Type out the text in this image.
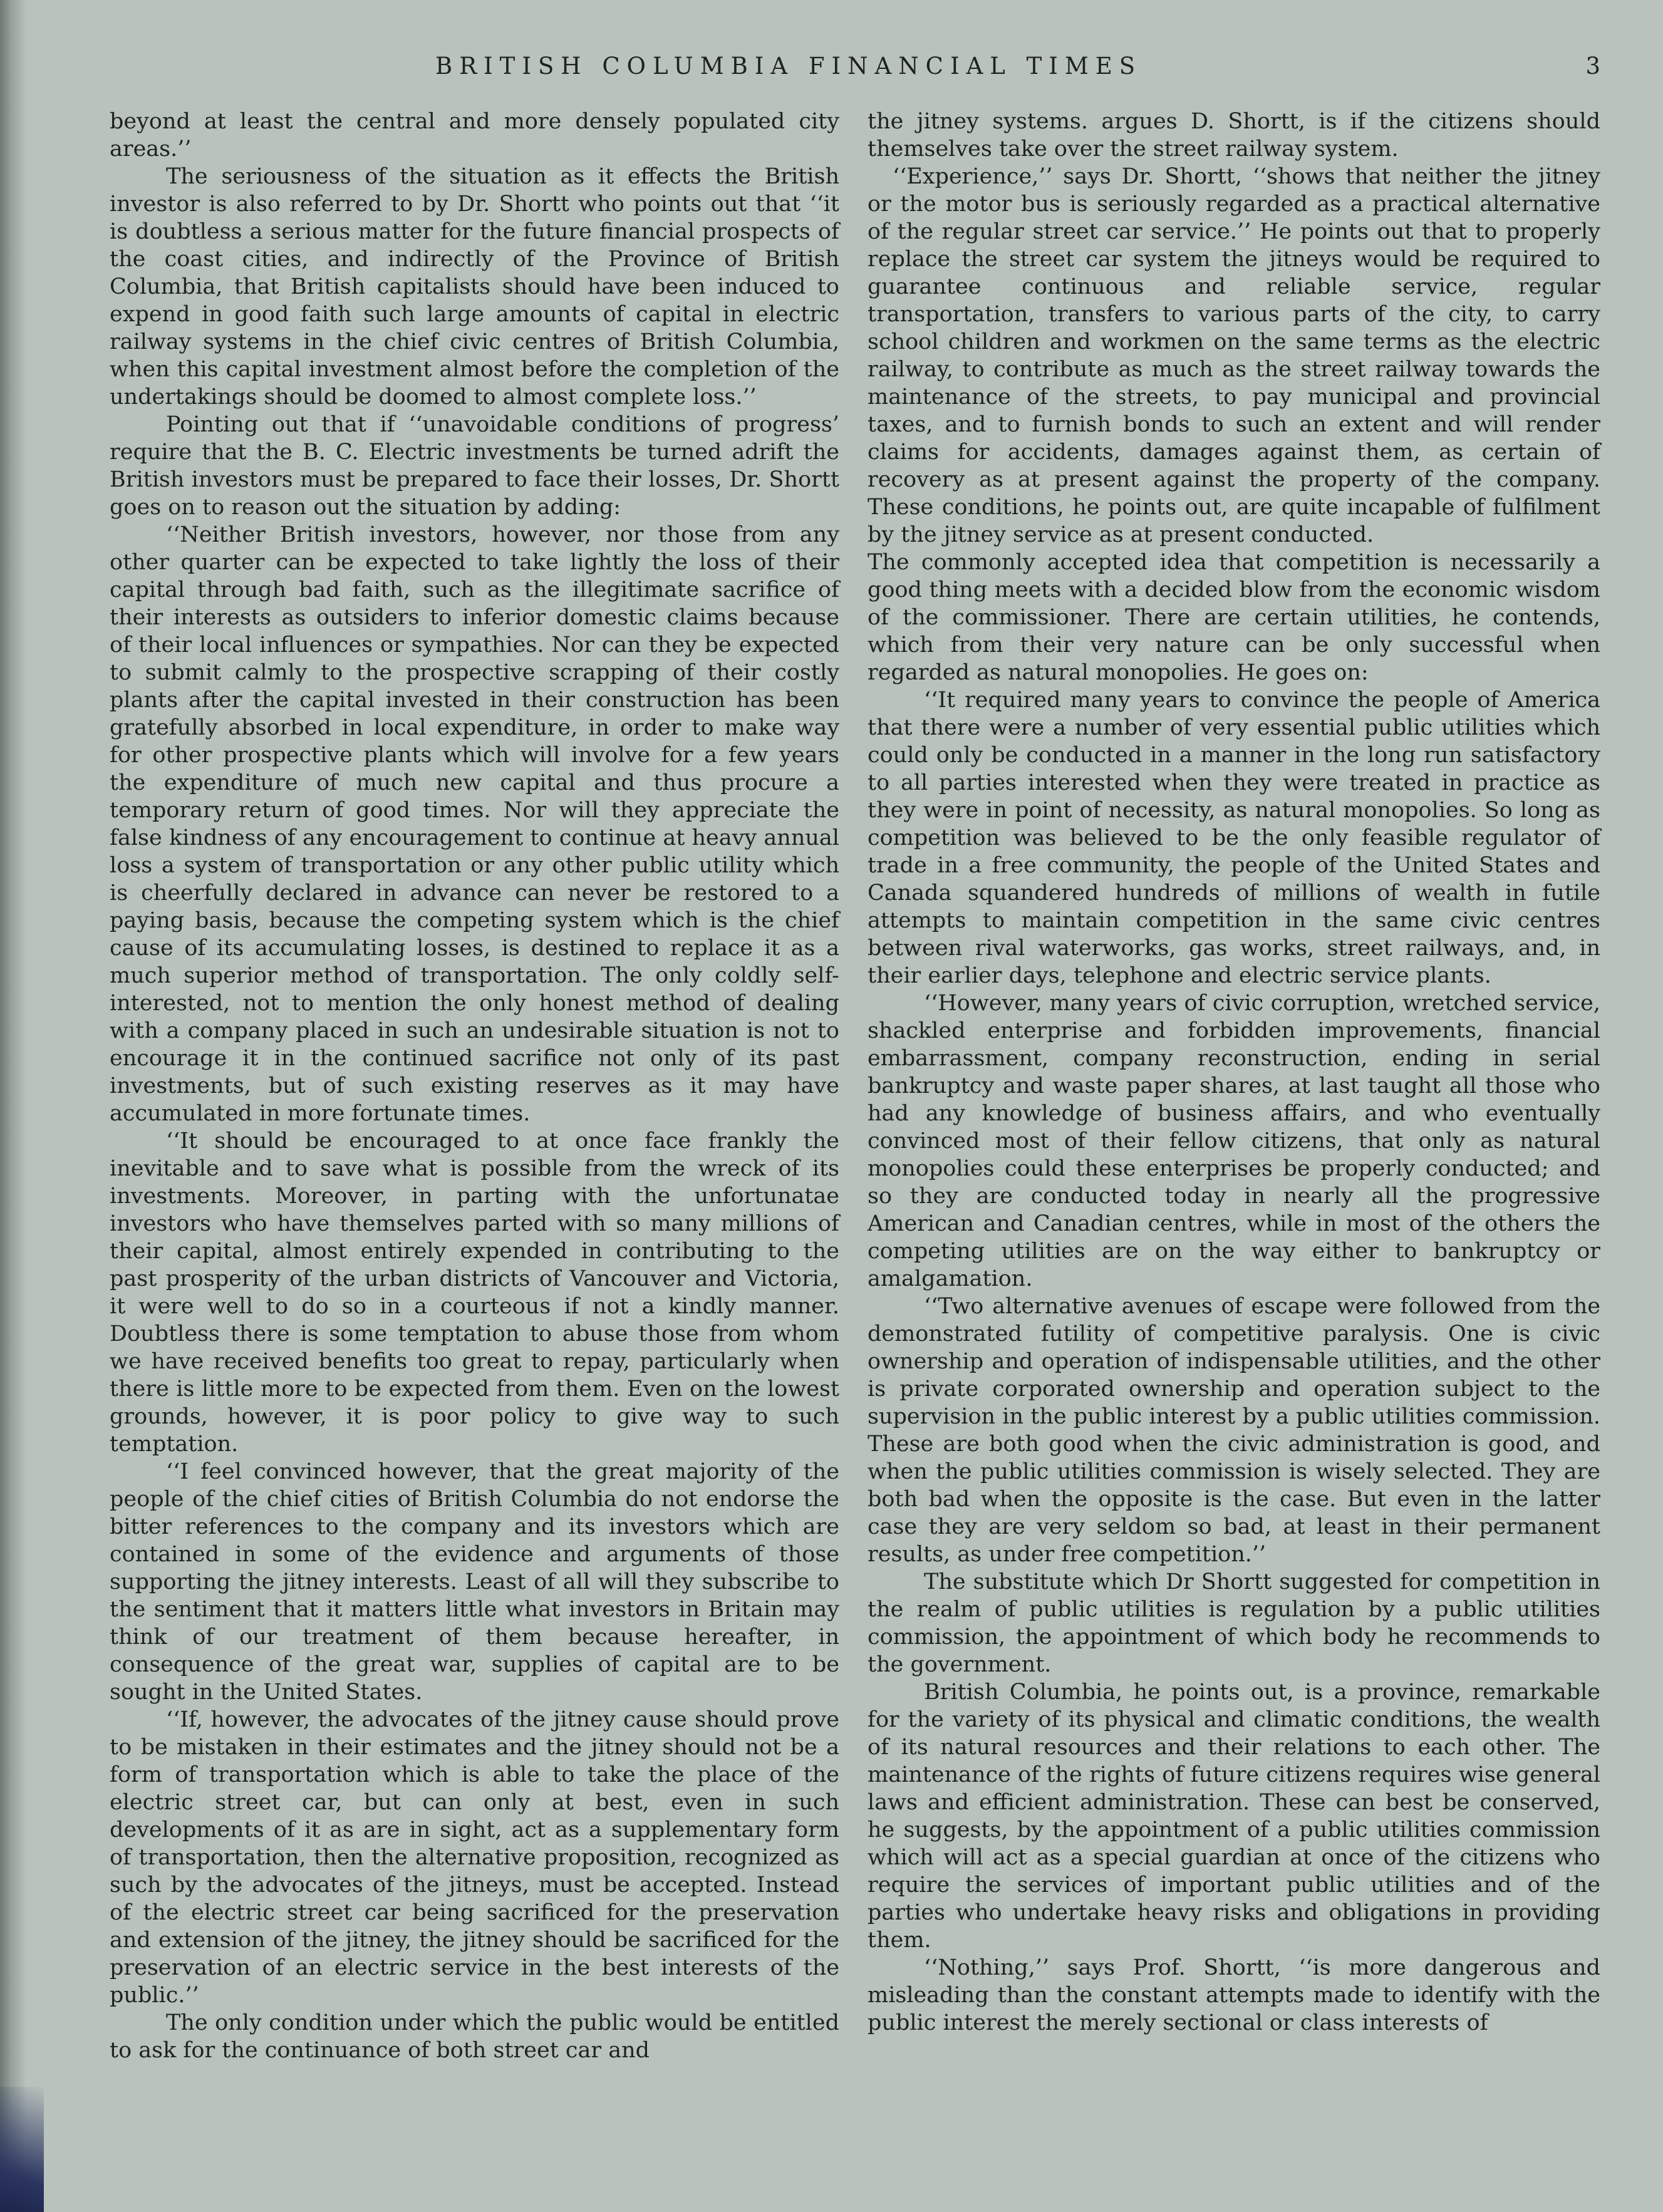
BRITISH COLUMBIA FINANCIAL TIMES	3

beyond at least the central and more densely populated city areas.’’

The seriousness of the situation as it effects the British investor is also referred to by Dr. Shortt who points out that ‘‘it is doubtless a serious matter for the future financial prospects of the coast cities, and indirectly of the Province of British Columbia, that British capitalists should have been induced to expend in good faith such large amounts of capital in electric railway systems in the chief civic centres of British Columbia, when this capital investment almost before the completion of the undertakings should be doomed to almost complete loss.’’

Pointing out that if ‘‘unavoidable conditions of progress’ require that the B. C. Electric investments be turned adrift the British investors must be prepared to face their losses, Dr. Shortt goes on to reason out the situation by adding:

‘‘Neither British investors, however, nor those from any other quarter can be expected to take lightly the loss of their capital through bad faith, such as the illegitimate sacrifice of their interests as outsiders to inferior domestic claims because of their local influences or sympathies. Nor can they be expected to submit calmly to the prospective scrapping of their costly plants after the capital invested in their construction has been gratefully absorbed in local expenditure, in order to make way for other prospective plants which will involve for a few years the expenditure of much new capital and thus procure a temporary return of good times. Nor will they appreciate the false kindness of any encouragement to continue at heavy annual loss a system of transportation or any other public utility which is cheerfully declared in advance can never be restored to a paying basis, because the competing system which is the chief cause of its accumulating losses, is destined to replace it as a much superior method of transportation. The only coldly self-interested, not to mention the only honest method of dealing with a company placed in such an undesirable situation is not to encourage it in the continued sacrifice not only of its past investments, but of such existing reserves as it may have accumulated in more fortunate times.

‘‘It should be encouraged to at once face frankly the inevitable and to save what is possible from the wreck of its investments. Moreover, in parting with the unfortunatae investors who have themselves parted with so many millions of their capital, almost entirely expended in contributing to the past prosperity of the urban districts of Vancouver and Victoria, it were well to do so in a courteous if not a kindly manner. Doubtless there is some temptation to abuse those from whom we have received benefits too great to repay, particularly when there is little more to be expected from them. Even on the lowest grounds, however, it is poor policy to give way to such temptation.

‘‘I feel convinced however, that the great majority of the people of the chief cities of British Columbia do not endorse the bitter references to the company and its investors which are contained in some of the evidence and arguments of those supporting the jitney interests. Least of all will they subscribe to the sentiment that it matters little what investors in Britain may think of our treatment of them because hereafter, in consequence of the great war, supplies of capital are to be sought in the United States.

‘‘If, however, the advocates of the jitney cause should prove to be mistaken in their estimates and the jitney should not be a form of transportation which is able to take the place of the electric street car, but can only at best, even in such developments of it as are in sight, act as a supplementary form of transportation, then the alternative proposition, recognized as such by the advocates of the jitneys, must be accepted. Instead of the electric street car being sacrificed for the preservation and extension of the jitney, the jitney should be sacrificed for the preservation of an electric service in the best interests of the public.’’

The only condition under which the public would be entitled to ask for the continuance of both street car and

the jitney systems. argues D. Shortt, is if the citizens should themselves take over the street railway system.

‘‘Experience,’’ says Dr. Shortt, ‘‘shows that neither the jitney or the motor bus is seriously regarded as a practical alternative of the regular street car service.’’ He points out that to properly replace the street car system the jitneys would be required to guarantee continuous and reliable service, regular transportation, transfers to various parts of the city, to carry school children and workmen on the same terms as the electric railway, to contribute as much as the street railway towards the maintenance of the streets, to pay municipal and provincial taxes, and to furnish bonds to such an extent and will render claims for accidents, damages against them, as certain of recovery as at present against the property of the company. These conditions, he points out, are quite incapable of fulfilment by the jitney service as at present conducted.

The commonly accepted idea that competition is necessarily a good thing meets with a decided blow from the economic wisdom of the commissioner. There are certain utilities, he contends, which from their very nature can be only successful when regarded as natural monopolies. He goes on:

‘‘It required many years to convince the people of America that there were a number of very essential public utilities which could only be conducted in a manner in the long run satisfactory to all parties interested when they were treated in practice as they were in point of necessity, as natural monopolies. So long as competition was believed to be the only feasible regulator of trade in a free community, the people of the United States and Canada squandered hundreds of millions of wealth in futile attempts to maintain competition in the same civic centres between rival waterworks, gas works, street railways, and, in their earlier days, telephone and electric service plants.

‘‘However, many years of civic corruption, wretched service, shackled enterprise and forbidden improvements, financial embarrassment, company reconstruction, ending in serial bankruptcy and waste paper shares, at last taught all those who had any knowledge of business affairs, and who eventually convinced most of their fellow citizens, that only as natural monopolies could these enterprises be properly conducted; and so they are conducted today in nearly all the progressive American and Canadian centres, while in most of the others the competing utilities are on the way either to bankruptcy or amalgamation.

‘‘Two alternative avenues of escape were followed from the demonstrated futility of competitive paralysis. One is civic ownership and operation of indispensable utilities, and the other is private corporated ownership and operation subject to the supervision in the public interest by a public utilities commission. These are both good when the civic administration is good, and when the public utilities commission is wisely selected. They are both bad when the opposite is the case. But even in the latter case they are very seldom so bad, at least in their permanent results, as under free competition.’’

The substitute which Dr Shortt suggested for competition in the realm of public utilities is regulation by a public utilities commission, the appointment of which body he recommends to the government.

British Columbia, he points out, is a province, remarkable for the variety of its physical and climatic conditions, the wealth of its natural resources and their relations to each other. The maintenance of the rights of future citizens requires wise general laws and efficient administration. These can best be conserved, he suggests, by the appointment of a public utilities commission which will act as a special guardian at once of the citizens who require the services of important public utilities and of the parties who undertake heavy risks and obligations in providing them.

‘‘Nothing,’’ says Prof. Shortt, ‘‘is more dangerous and misleading than the constant attempts made to identify with the public interest the merely sectional or class interests of
